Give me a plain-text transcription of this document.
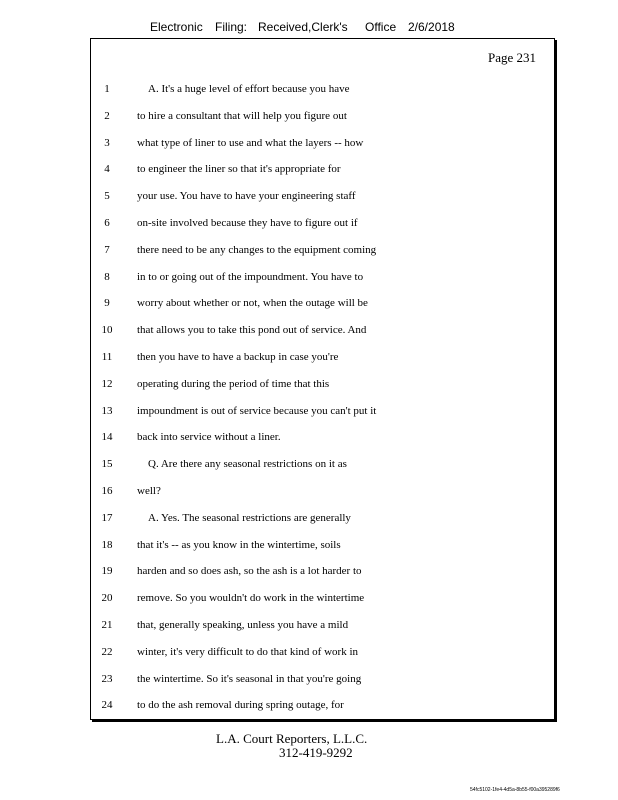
Electronic Filing: Received,Clerk's Office 2/6/2018
Page 231
1	A. It's a huge level of effort because you have
2	to hire a consultant that will help you figure out
3	what type of liner to use and what the layers -- how
4	to engineer the liner so that it's appropriate for
5	your use. You have to have your engineering staff
6	on-site involved because they have to figure out if
7	there need to be any changes to the equipment coming
8	in to or going out of the impoundment. You have to
9	worry about whether or not, when the outage will be
10	that allows you to take this pond out of service. And
11	then you have to have a backup in case you're
12	operating during the period of time that this
13	impoundment is out of service because you can't put it
14	back into service without a liner.
15	Q. Are there any seasonal restrictions on it as
16	well?
17	A. Yes. The seasonal restrictions are generally
18	that it's -- as you know in the wintertime, soils
19	harden and so does ash, so the ash is a lot harder to
20	remove. So you wouldn't do work in the wintertime
21	that, generally speaking, unless you have a mild
22	winter, it's very difficult to do that kind of work in
23	the wintertime. So it's seasonal in that you're going
24	to do the ash removal during spring outage, for
L.A. Court Reporters, L.L.C.
312-419-9292
54fc5102-1fe4-4d5a-8b55-f00a395289f6
